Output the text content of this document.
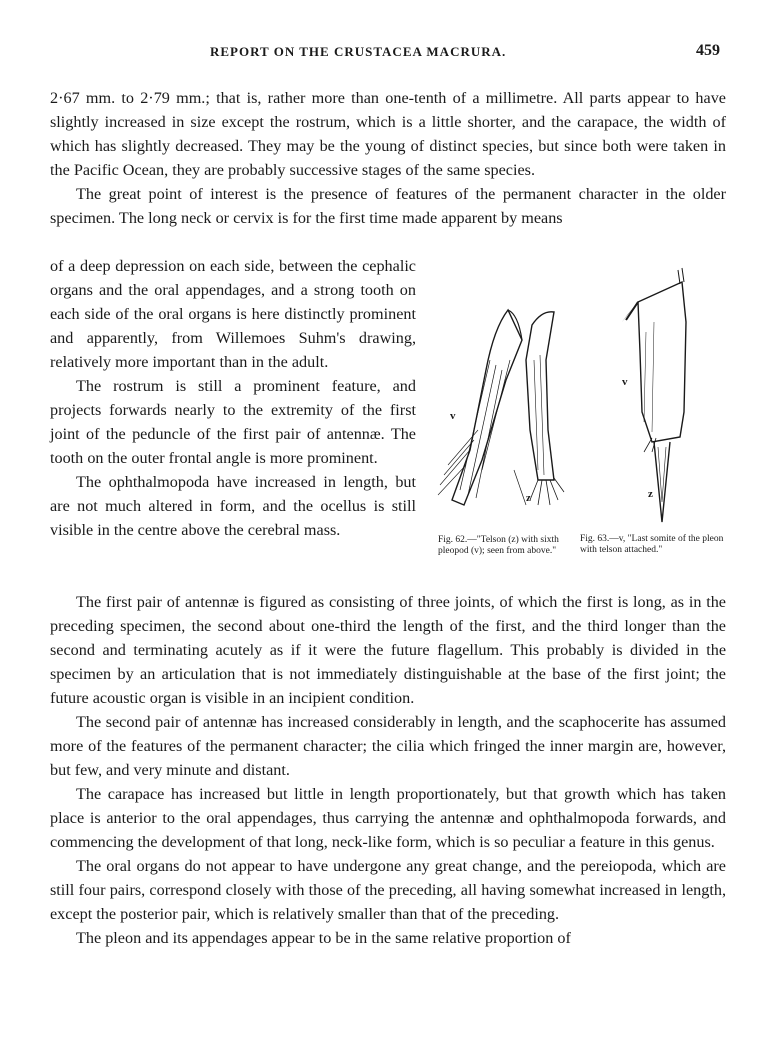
REPORT ON THE CRUSTACEA MACRURA.	459

2·67 mm. to 2·79 mm.; that is, rather more than one-tenth of a millimetre. All parts appear to have slightly increased in size except the rostrum, which is a little shorter, and the carapace, the width of which has slightly decreased. They may be the young of distinct species, but since both were taken in the Pacific Ocean, they are probably successive stages of the same species.

The great point of interest is the presence of features of the permanent character in the older specimen. The long neck or cervix is for the first time made apparent by means

of a deep depression on each side, between the cephalic organs and the oral appendages, and a strong tooth on each side of the oral organs is here distinctly prominent and apparently, from Willemoes Suhm's drawing, relatively more important than in the adult.

The rostrum is still a prominent feature, and projects forwards nearly to the extremity of the first joint of the peduncle of the first pair of antennæ. The tooth on the outer frontal angle is more prominent.

The ophthalmopoda have increased in length, but are not much altered in form, and the ocellus is still visible in the centre above the cerebral mass.

v
z
Fig. 62.—"Telson (z) with sixth pleopod (v); seen from above."
v
z
Fig. 63.—v, "Last somite of the pleon with telson attached."

The first pair of antennæ is figured as consisting of three joints, of which the first is long, as in the preceding specimen, the second about one-third the length of the first, and the third longer than the second and terminating acutely as if it were the future flagellum. This probably is divided in the specimen by an articulation that is not immediately distinguishable at the base of the first joint; the future acoustic organ is visible in an incipient condition.

The second pair of antennæ has increased considerably in length, and the scaphocerite has assumed more of the features of the permanent character; the cilia which fringed the inner margin are, however, but few, and very minute and distant.

The carapace has increased but little in length proportionately, but that growth which has taken place is anterior to the oral appendages, thus carrying the antennæ and ophthalmopoda forwards, and commencing the development of that long, neck-like form, which is so peculiar a feature in this genus.

The oral organs do not appear to have undergone any great change, and the pereiopoda, which are still four pairs, correspond closely with those of the preceding, all having somewhat increased in length, except the posterior pair, which is relatively smaller than that of the preceding.

The pleon and its appendages appear to be in the same relative proportion of
